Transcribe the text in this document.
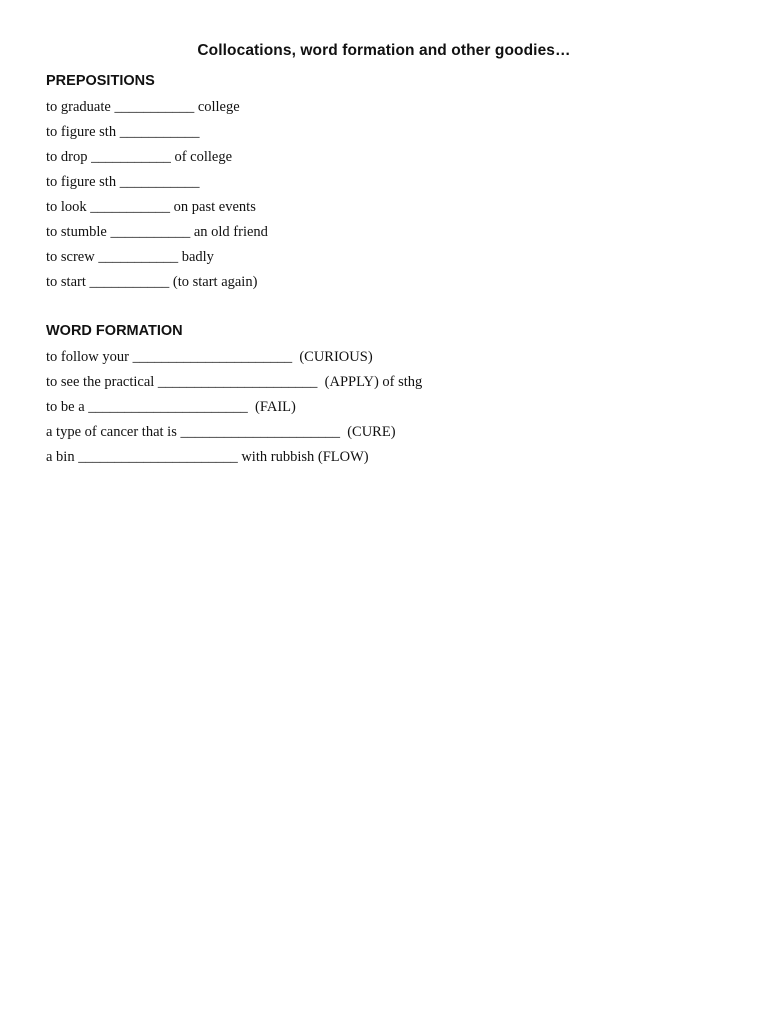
Collocations, word formation and other goodies…
PREPOSITIONS
to graduate ___________ college
to figure sth ___________
to drop ___________ of college
to figure sth ___________
to look ___________ on past events
to stumble ___________ an old friend
to screw ___________ badly
to start ___________ (to start again)
WORD FORMATION
to follow your ______________________  (CURIOUS)
to see the practical ______________________  (APPLY) of sthg
to be a ______________________  (FAIL)
a type of cancer that is ______________________  (CURE)
a bin ______________________ with rubbish (FLOW)
